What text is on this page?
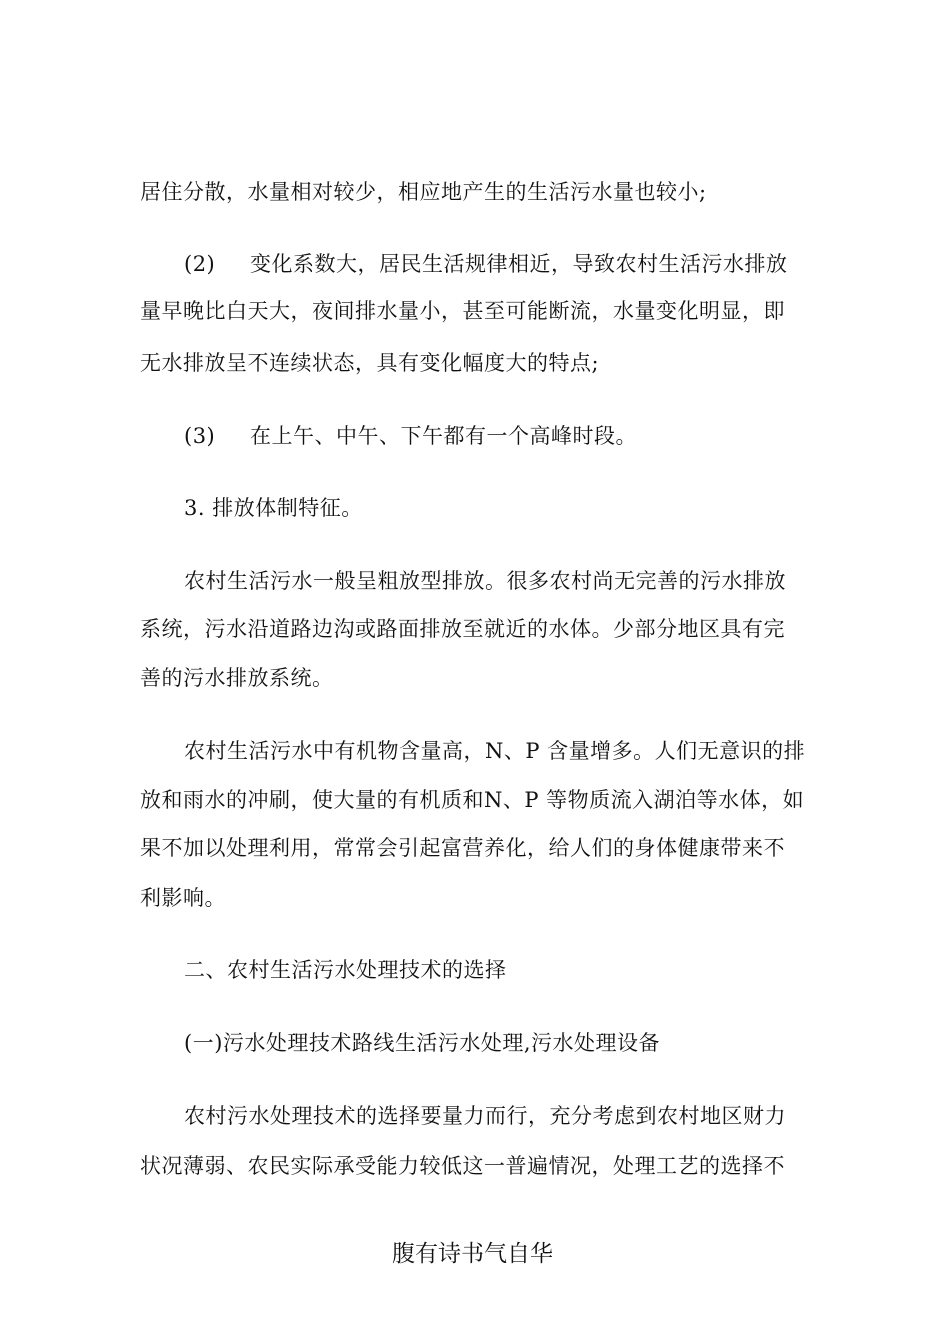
居住分散，水量相对较少，相应地产生的生活污水量也较小;
(2) 变化系数大，居民生活规律相近，导致农村生活污水排放
量早晚比白天大，夜间排水量小，甚至可能断流，水量变化明显，即
无水排放呈不连续状态，具有变化幅度大的特点;
(3) 在上午、中午、下午都有一个高峰时段。
3. 排放体制特征。
农村生活污水一般呈粗放型排放。很多农村尚无完善的污水排放
系统，污水沿道路边沟或路面排放至就近的水体。少部分地区具有完
善的污水排放系统。
农村生活污水中有机物含量高，N、P 含量增多。人们无意识的排
放和雨水的冲刷，使大量的有机质和N、P 等物质流入湖泊等水体，如
果不加以处理利用，常常会引起富营养化，给人们的身体健康带来不
利影响。
二、农村生活污水处理技术的选择
(一)污水处理技术路线生活污水处理,污水处理设备
农村污水处理技术的选择要量力而行，充分考虑到农村地区财力
状况薄弱、农民实际承受能力较低这一普遍情况，处理工艺的选择不
腹有诗书气自华
